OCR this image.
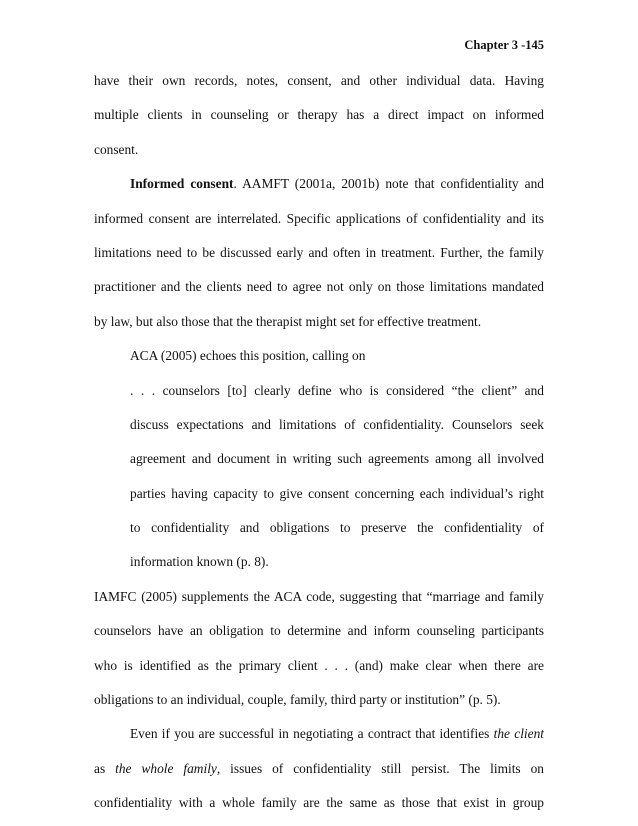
Chapter 3 -145
have their own records, notes, consent, and other individual data. Having
multiple clients in counseling or therapy has a direct impact on informed
consent.
Informed consent. AAMFT (2001a, 2001b) note that confidentiality and
informed consent are interrelated. Specific applications of confidentiality and its
limitations need to be discussed early and often in treatment. Further, the family
practitioner and the clients need to agree not only on those limitations mandated
by law, but also those that the therapist might set for effective treatment.
ACA (2005) echoes this position, calling on
. . . counselors [to] clearly define who is considered “the client” and
discuss expectations and limitations of confidentiality. Counselors seek
agreement and document in writing such agreements among all involved
parties having capacity to give consent concerning each individual’s right
to confidentiality and obligations to preserve the confidentiality of
information known (p. 8).
IAMFC (2005) supplements the ACA code, suggesting that “marriage and family
counselors have an obligation to determine and inform counseling participants
who is identified as the primary client . . . (and) make clear when there are
obligations to an individual, couple, family, third party or institution” (p. 5).
Even if you are successful in negotiating a contract that identifies the client
as the whole family, issues of confidentiality still persist. The limits on
confidentiality with a whole family are the same as those that exist in group
